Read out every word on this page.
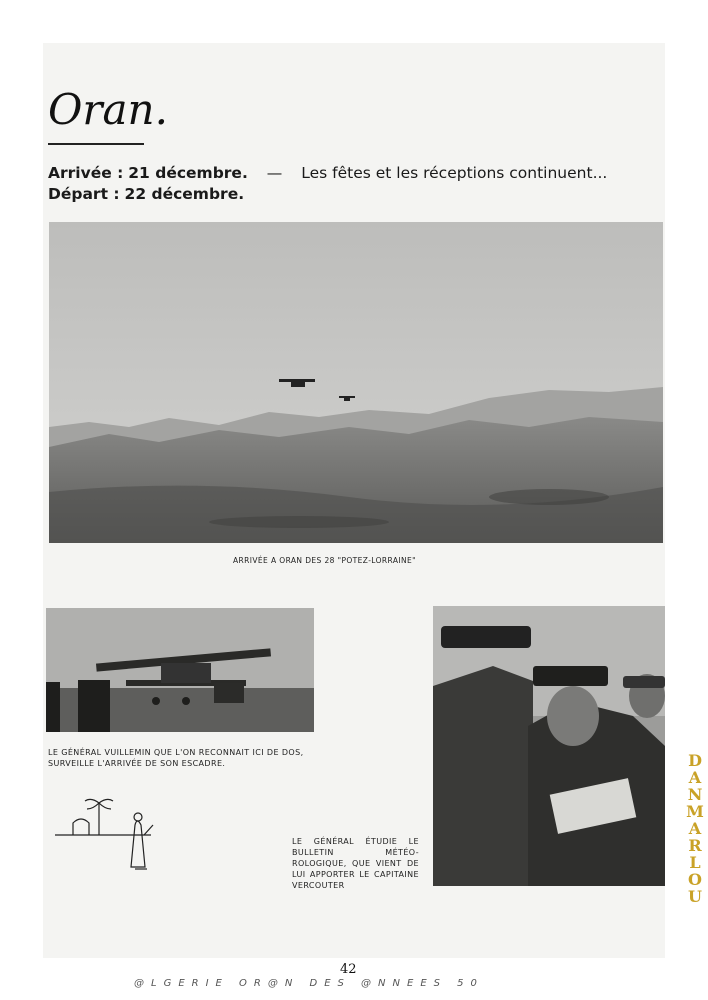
Oran.
Arrivée : 21 décembre. — Les fêtes et les réceptions continuent...
Départ : 22 décembre.
ARRIVÉE A ORAN DES 28 "POTEZ-LORRAINE"
LE GÉNÉRAL VUILLEMIN QUE L'ON RECONNAIT ICI DE DOS, SURVEILLE L'ARRIVÉE DE SON ESCADRE.
LE GÉNÉRAL ÉTUDIE LE BULLETIN MÉTÉO-ROLOGIQUE, QUE VIENT DE LUI APPORTER LE CAPITAINE VERCOUTER
42
@LGERIE OR@N DES @NNEES 50
DANMARLOU
